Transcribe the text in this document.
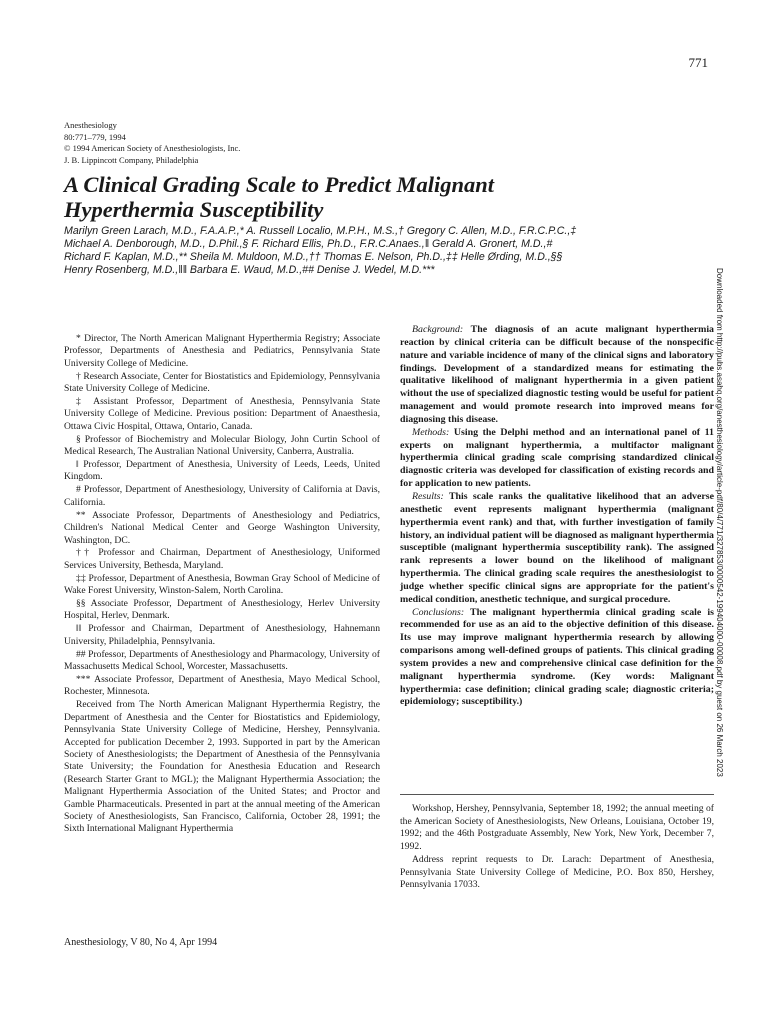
771
Anesthesiology
80:771–779, 1994
© 1994 American Society of Anesthesiologists, Inc.
J. B. Lippincott Company, Philadelphia
A Clinical Grading Scale to Predict Malignant
Hyperthermia Susceptibility
Marilyn Green Larach, M.D., F.A.A.P.,* A. Russell Localio, M.P.H., M.S.,† Gregory C. Allen, M.D., F.R.C.P.C.,‡
Michael A. Denborough, M.D., D.Phil.,§ F. Richard Ellis, Ph.D., F.R.C.Anaes.,‖ Gerald A. Gronert, M.D.,#
Richard F. Kaplan, M.D.,** Sheila M. Muldoon, M.D.,†† Thomas E. Nelson, Ph.D.,‡‡ Helle Ørding, M.D.,§§
Henry Rosenberg, M.D.,‖‖ Barbara E. Waud, M.D.,## Denise J. Wedel, M.D.***

* Director, The North American Malignant Hyperthermia Registry; Associate Professor, Departments of Anesthesia and Pediatrics, Pennsylvania State University College of Medicine.

† Research Associate, Center for Biostatistics and Epidemiology, Pennsylvania State University College of Medicine.

‡ Assistant Professor, Department of Anesthesia, Pennsylvania State University College of Medicine. Previous position: Department of Anaesthesia, Ottawa Civic Hospital, Ottawa, Ontario, Canada.

§ Professor of Biochemistry and Molecular Biology, John Curtin School of Medical Research, The Australian National University, Canberra, Australia.

‖ Professor, Department of Anesthesia, University of Leeds, Leeds, United Kingdom.

# Professor, Department of Anesthesiology, University of California at Davis, California.

** Associate Professor, Departments of Anesthesiology and Pediatrics, Children's National Medical Center and George Washington University, Washington, DC.

†† Professor and Chairman, Department of Anesthesiology, Uniformed Services University, Bethesda, Maryland.

‡‡ Professor, Department of Anesthesia, Bowman Gray School of Medicine of Wake Forest University, Winston-Salem, North Carolina.

§§ Associate Professor, Department of Anesthesiology, Herlev University Hospital, Herlev, Denmark.

‖‖ Professor and Chairman, Department of Anesthesiology, Hahnemann University, Philadelphia, Pennsylvania.

## Professor, Departments of Anesthesiology and Pharmacology, University of Massachusetts Medical School, Worcester, Massachusetts.

*** Associate Professor, Department of Anesthesia, Mayo Medical School, Rochester, Minnesota.

Received from The North American Malignant Hyperthermia Registry, the Department of Anesthesia and the Center for Biostatistics and Epidemiology, Pennsylvania State University College of Medicine, Hershey, Pennsylvania. Accepted for publication December 2, 1993. Supported in part by the American Society of Anesthesiologists; the Department of Anesthesia of the Pennsylvania State University; the Foundation for Anesthesia Education and Research (Research Starter Grant to MGL); the Malignant Hyperthermia Association; the Malignant Hyperthermia Association of the United States; and Proctor and Gamble Pharmaceuticals. Presented in part at the annual meeting of the American Society of Anesthesiologists, San Francisco, California, October 28, 1991; the Sixth International Malignant Hyperthermia

Background: The diagnosis of an acute malignant hyperthermia reaction by clinical criteria can be difficult because of the nonspecific nature and variable incidence of many of the clinical signs and laboratory findings. Development of a standardized means for estimating the qualitative likelihood of malignant hyperthermia in a given patient without the use of specialized diagnostic testing would be useful for patient management and would promote research into improved means for diagnosing this disease.

Methods: Using the Delphi method and an international panel of 11 experts on malignant hyperthermia, a multifactor malignant hyperthermia clinical grading scale comprising standardized clinical diagnostic criteria was developed for classification of existing records and for application to new patients.

Results: This scale ranks the qualitative likelihood that an adverse anesthetic event represents malignant hyperthermia (malignant hyperthermia event rank) and that, with further investigation of family history, an individual patient will be diagnosed as malignant hyperthermia susceptible (malignant hyperthermia susceptibility rank). The assigned rank represents a lower bound on the likelihood of malignant hyperthermia. The clinical grading scale requires the anesthesiologist to judge whether specific clinical signs are appropriate for the patient's medical condition, anesthetic technique, and surgical procedure.

Conclusions: The malignant hyperthermia clinical grading scale is recommended for use as an aid to the objective definition of this disease. Its use may improve malignant hyperthermia research by allowing comparisons among well-defined groups of patients. This clinical grading system provides a new and comprehensive clinical case definition for the malignant hyperthermia syndrome. (Key words: Malignant hyperthermia: case definition; clinical grading scale; diagnostic criteria; epidemiology; susceptibility.)

Workshop, Hershey, Pennsylvania, September 18, 1992; the annual meeting of the American Society of Anesthesiologists, New Orleans, Louisiana, October 19, 1992; and the 46th Postgraduate Assembly, New York, New York, December 7, 1992.

Address reprint requests to Dr. Larach: Department of Anesthesia, Pennsylvania State University College of Medicine, P.O. Box 850, Hershey, Pennsylvania 17033.

Anesthesiology, V 80, No 4, Apr 1994
Downloaded from http://pubs.asahq.org/anesthesiology/article-pdf/80/4/771/327853/0000542-199404000-00008.pdf by guest on 26 March 2023
